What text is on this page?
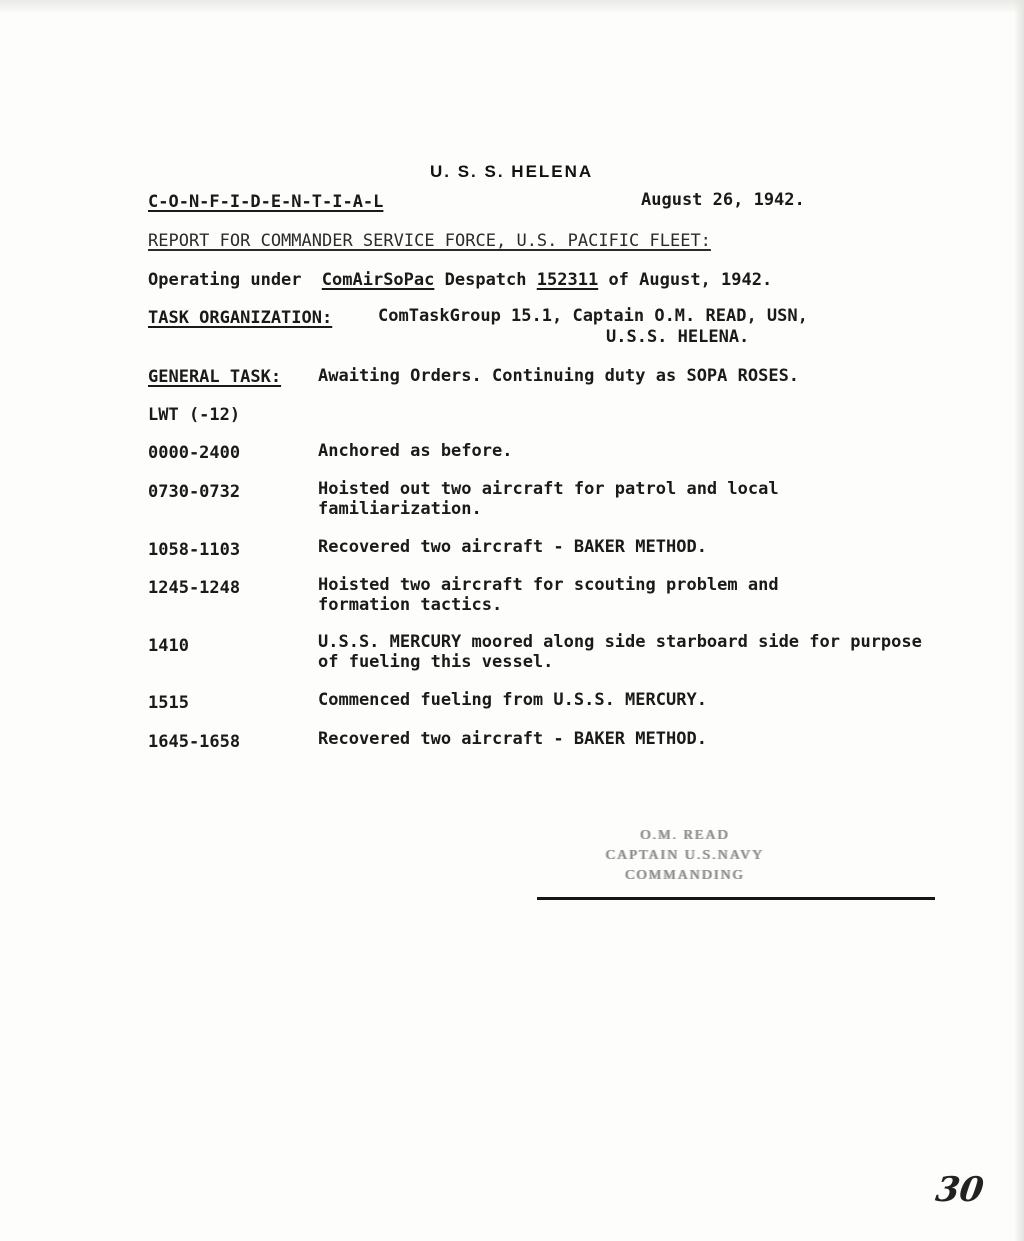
U. S. S. HELENA
C-O-N-F-I-D-E-N-T-I-A-L	August 26, 1942.
REPORT FOR COMMANDER SERVICE FORCE, U.S. PACIFIC FLEET:
Operating under ComAirSoPac Despatch 152311 of August, 1942.
TASK ORGANIZATION:	ComTaskGroup 15.1, Captain O.M. READ, USN,
U.S.S. HELENA.
GENERAL TASK: Awaiting Orders. Continuing duty as SOPA ROSES.
LWT (-12)
0000-2400	Anchored as before.
0730-0732	Hoisted out two aircraft for patrol and local familiarization.
1058-1103	Recovered two aircraft - BAKER METHOD.
1245-1248	Hoisted two aircraft for scouting problem and formation tactics.
1410	U.S.S. MERCURY moored along side starboard side for purpose of fueling this vessel.
1515	Commenced fueling from U.S.S. MERCURY.
1645-1658	Recovered two aircraft - BAKER METHOD.
O.M. READ
CAPTAIN U.S.NAVY
COMMANDING
30
